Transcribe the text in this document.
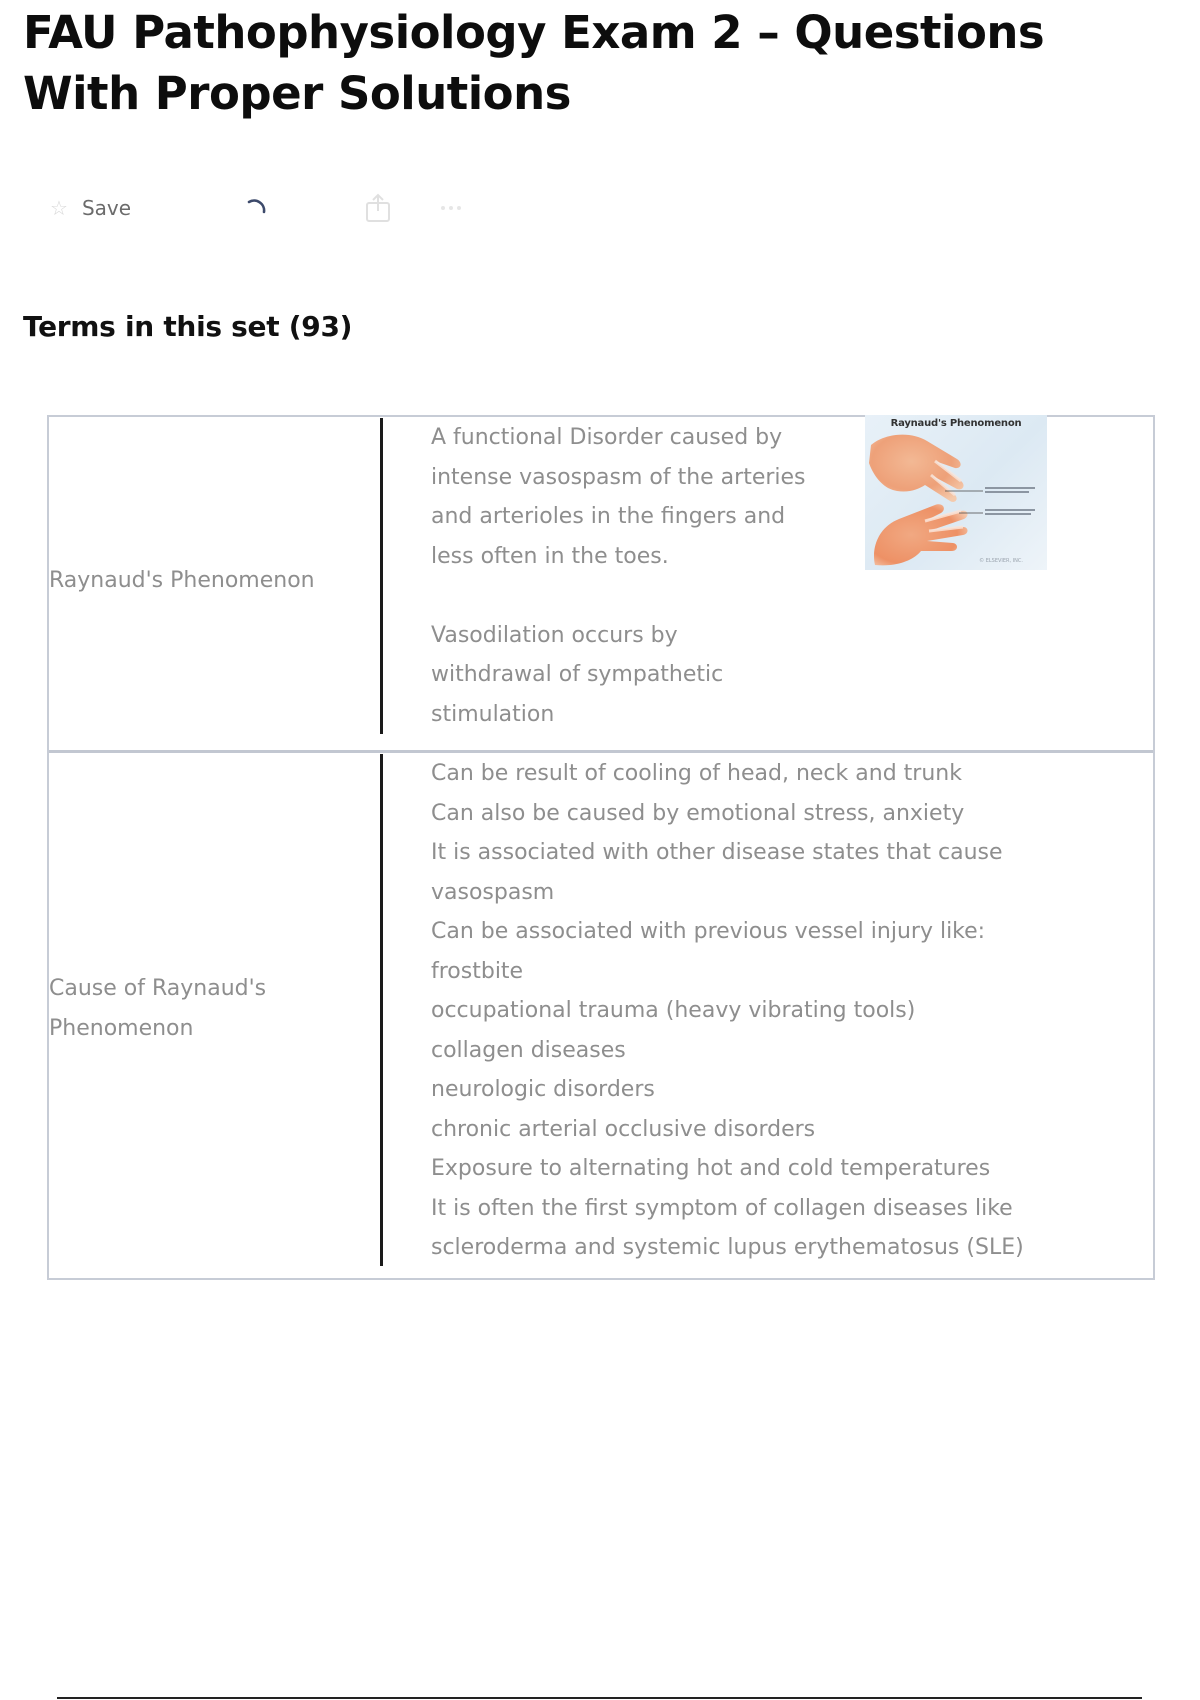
FAU Pathophysiology Exam 2 – Questions With Proper Solutions
☆ Save
Terms in this set (93)
Raynaud's Phenomenon
A functional Disorder caused by
intense vasospasm of the arteries
and arterioles in the fingers and
less often in the toes.
Vasodilation occurs by
withdrawal of sympathetic
stimulation
Cause of Raynaud's Phenomenon
Can be result of cooling of head, neck and trunk
Can also be caused by emotional stress, anxiety
It is associated with other disease states that cause
vasospasm
Can be associated with previous vessel injury like:
frostbite
occupational trauma (heavy vibrating tools)
collagen diseases
neurologic disorders
chronic arterial occlusive disorders
Exposure to alternating hot and cold temperatures
It is often the first symptom of collagen diseases like
scleroderma and systemic lupus erythematosus (SLE)
Raynaud's Phenomenon
© ELSEVIER, INC.
